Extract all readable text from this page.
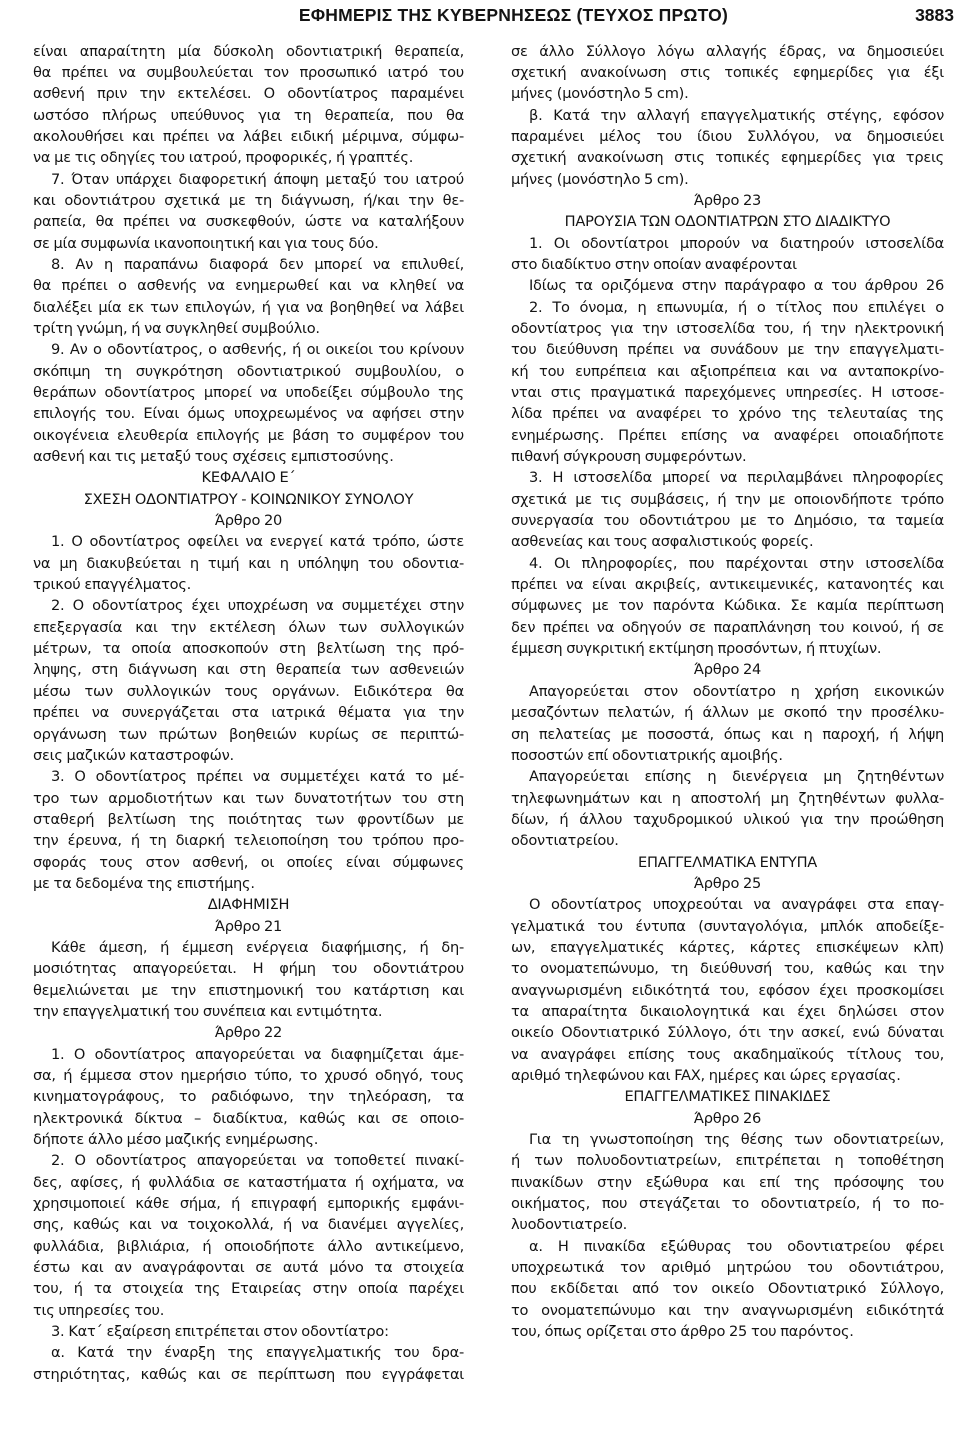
ΕΦΗΜΕΡΙΣ ΤΗΣ ΚΥΒΕΡΝΗΣΕΩΣ (ΤΕΥΧΟΣ ΠΡΩΤΟ)	3883
είναι απαραίτητη μία δύσκολη οδοντιατρική θεραπεία,
θα πρέπει να συμβουλεύεται τον προσωπικό ιατρό του
ασθενή πριν την εκτελέσει. Ο οδοντίατρος παραμένει
ωστόσο πλήρως υπεύθυνος για τη θεραπεία, που θα
ακολουθήσει και πρέπει να λάβει ειδική μέριμνα, σύμφω-
να με τις οδηγίες του ιατρού, προφορικές, ή γραπτές.
7. Όταν υπάρχει διαφορετική άποψη μεταξύ του ιατρού
και οδοντιάτρου σχετικά με τη διάγνωση, ή/και την θε-
ραπεία, θα πρέπει να συσκεφθούν, ώστε να καταλήξουν
σε μία συμφωνία ικανοποιητική και για τους δύο.
8. Αν η παραπάνω διαφορά δεν μπορεί να επιλυθεί,
θα πρέπει ο ασθενής να ενημερωθεί και να κληθεί να
διαλέξει μία εκ των επιλογών, ή για να βοηθηθεί να λάβει
τρίτη γνώμη, ή να συγκληθεί συμβούλιο.
9. Αν ο οδοντίατρος, ο ασθενής, ή οι οικείοι του κρίνουν
σκόπιμη τη συγκρότηση οδοντιατρικού συμβουλίου, ο
θεράπων οδοντίατρος μπορεί να υποδείξει σύμβουλο της
επιλογής του. Είναι όμως υποχρεωμένος να αφήσει στην
οικογένεια ελευθερία επιλογής με βάση το συμφέρον του
ασθενή και τις μεταξύ τους σχέσεις εμπιστοσύνης.
ΚΕΦΑΛΑΙΟ Ε΄
ΣΧΕΣΗ ΟΔΟΝΤΙΑΤΡΟΥ - ΚΟΙΝΩΝΙΚΟΥ ΣΥΝΟΛΟΥ
Άρθρο 20
1. Ο οδοντίατρος οφείλει να ενεργεί κατά τρόπο, ώστε
να μη διακυβεύεται η τιμή και η υπόληψη του οδοντια-
τρικού επαγγέλματος.
2. Ο οδοντίατρος έχει υποχρέωση να συμμετέχει στην
επεξεργασία και την εκτέλεση όλων των συλλογικών
μέτρων, τα οποία αποσκοπούν στη βελτίωση της πρό-
ληψης, στη διάγνωση και στη θεραπεία των ασθενειών
μέσω των συλλογικών τους οργάνων. Ειδικότερα θα
πρέπει να συνεργάζεται στα ιατρικά θέματα για την
οργάνωση των πρώτων βοηθειών κυρίως σε περιπτώ-
σεις μαζικών καταστροφών.
3. Ο οδοντίατρος πρέπει να συμμετέχει κατά το μέ-
τρο των αρμοδιοτήτων και των δυνατοτήτων του στη
σταθερή βελτίωση της ποιότητας των φροντίδων με
την έρευνα, ή τη διαρκή τελειοποίηση του τρόπου προ-
σφοράς τους στον ασθενή, οι οποίες είναι σύμφωνες
με τα δεδομένα της επιστήμης.
ΔΙΑΦΗΜΙΣΗ
Άρθρο 21
Κάθε άμεση, ή έμμεση ενέργεια διαφήμισης, ή δη-
μοσιότητας απαγορεύεται. Η φήμη του οδοντιάτρου
θεμελιώνεται με την επιστημονική του κατάρτιση και
την επαγγελματική του συνέπεια και εντιμότητα.
Άρθρο 22
1. Ο οδοντίατρος απαγορεύεται να διαφημίζεται άμε-
σα, ή έμμεσα στον ημερήσιο τύπο, το χρυσό οδηγό, τους
κινηματογράφους, το ραδιόφωνο, την τηλεόραση, τα
ηλεκτρονικά δίκτυα – διαδίκτυα, καθώς και σε οποιο-
δήποτε άλλο μέσο μαζικής ενημέρωσης.
2. Ο οδοντίατρος απαγορεύεται να τοποθετεί πινακί-
δες, αφίσες, ή φυλλάδια σε καταστήματα ή οχήματα, να
χρησιμοποιεί κάθε σήμα, ή επιγραφή εμπορικής εμφάνι-
σης, καθώς και να τοιχοκολλά, ή να διανέμει αγγελίες,
φυλλάδια, βιβλιάρια, ή οποιοδήποτε άλλο αντικείμενο,
έστω και αν αναγράφονται σε αυτά μόνο τα στοιχεία
του, ή τα στοιχεία της Εταιρείας στην οποία παρέχει
τις υπηρεσίες του.
3. Κατ΄ εξαίρεση επιτρέπεται στον οδοντίατρο:
α. Κατά την έναρξη της επαγγελματικής του δρα-
στηριότητας, καθώς και σε περίπτωση που εγγράφεται
σε άλλο Σύλλογο λόγω αλλαγής έδρας, να δημοσιεύει
σχετική ανακοίνωση στις τοπικές εφημερίδες για έξι
μήνες (μονόστηλο 5 cm).
β. Κατά την αλλαγή επαγγελματικής στέγης, εφόσον
παραμένει μέλος του ίδιου Συλλόγου, να δημοσιεύει
σχετική ανακοίνωση στις τοπικές εφημερίδες για τρεις
μήνες (μονόστηλο 5 cm).
Άρθρο 23
ΠΑΡΟΥΣΙΑ ΤΩΝ ΟΔΟΝΤΙΑΤΡΩΝ ΣΤΟ ΔΙΑΔΙΚΤΥΟ
1. Οι οδοντίατροι μπορούν να διατηρούν ιστοσελίδα
στο διαδίκτυο στην οποίαν αναφέρονται
Ιδίως τα οριζόμενα στην παράγραφο α του άρθρου 26
2. Το όνομα, η επωνυμία, ή ο τίτλος που επιλέγει ο
οδοντίατρος για την ιστοσελίδα του, ή την ηλεκτρονική
του διεύθυνση πρέπει να συνάδουν με την επαγγελματι-
κή του ευπρέπεια και αξιοπρέπεια και να ανταποκρίνο-
νται στις πραγματικά παρεχόμενες υπηρεσίες. Η ιστοσε-
λίδα πρέπει να αναφέρει το χρόνο της τελευταίας της
ενημέρωσης. Πρέπει επίσης να αναφέρει οποιαδήποτε
πιθανή σύγκρουση συμφερόντων.
3. Η ιστοσελίδα μπορεί να περιλαμβάνει πληροφορίες
σχετικά με τις συμβάσεις, ή την με οποιονδήποτε τρόπο
συνεργασία του οδοντιάτρου με το Δημόσιο, τα ταμεία
ασθενείας και τους ασφαλιστικούς φορείς.
4. Οι πληροφορίες, που παρέχονται στην ιστοσελίδα
πρέπει να είναι ακριβείς, αντικειμενικές, κατανοητές και
σύμφωνες με τον παρόντα Κώδικα. Σε καμία περίπτωση
δεν πρέπει να οδηγούν σε παραπλάνηση του κοινού, ή σε
έμμεση συγκριτική εκτίμηση προσόντων, ή πτυχίων.
Άρθρο 24
Απαγορεύεται στον οδοντίατρο η χρήση εικονικών
μεσαζόντων πελατών, ή άλλων με σκοπό την προσέλκυ-
ση πελατείας με ποσοστά, όπως και η παροχή, ή λήψη
ποσοστών επί οδοντιατρικής αμοιβής.
Απαγορεύεται επίσης η διενέργεια μη ζητηθέντων
τηλεφωνημάτων και η αποστολή μη ζητηθέντων φυλλα-
δίων, ή άλλου ταχυδρομικού υλικού για την προώθηση
οδοντιατρείου.
ΕΠΑΓΓΕΛΜΑΤΙΚΑ ΕΝΤΥΠΑ
Άρθρο 25
Ο οδοντίατρος υποχρεούται να αναγράφει στα επαγ-
γελματικά του έντυπα (συνταγολόγια, μπλόκ αποδείξε-
ων, επαγγελματικές κάρτες, κάρτες επισκέψεων κλπ)
το ονοματεπώνυμο, τη διεύθυνσή του, καθώς και την
αναγνωρισμένη ειδικότητά του, εφόσον έχει προσκομίσει
τα απαραίτητα δικαιολογητικά και έχει δηλώσει στον
οικείο Οδοντιατρικό Σύλλογο, ότι την ασκεί, ενώ δύναται
να αναγράφει επίσης τους ακαδημαϊκούς τίτλους του,
αριθμό τηλεφώνου και FAX, ημέρες και ώρες εργασίας.
ΕΠΑΓΓΕΛΜΑΤΙΚΕΣ ΠΙΝΑΚΙΔΕΣ
Άρθρο 26
Για τη γνωστοποίηση της θέσης των οδοντιατρείων,
ή των πολυοδοντιατρείων, επιτρέπεται η τοποθέτηση
πινακίδων στην εξώθυρα και επί της πρόσοψης του
οικήματος, που στεγάζεται το οδοντιατρείο, ή το πο-
λυοδοντιατρείο.
α. Η πινακίδα εξώθυρας του οδοντιατρείου φέρει
υποχρεωτικά τον αριθμό μητρώου του οδοντιάτρου,
που εκδίδεται από τον οικείο Οδοντιατρικό Σύλλογο,
το ονοματεπώνυμο και την αναγνωρισμένη ειδικότητά
του, όπως ορίζεται στο άρθρο 25 του παρόντος.
